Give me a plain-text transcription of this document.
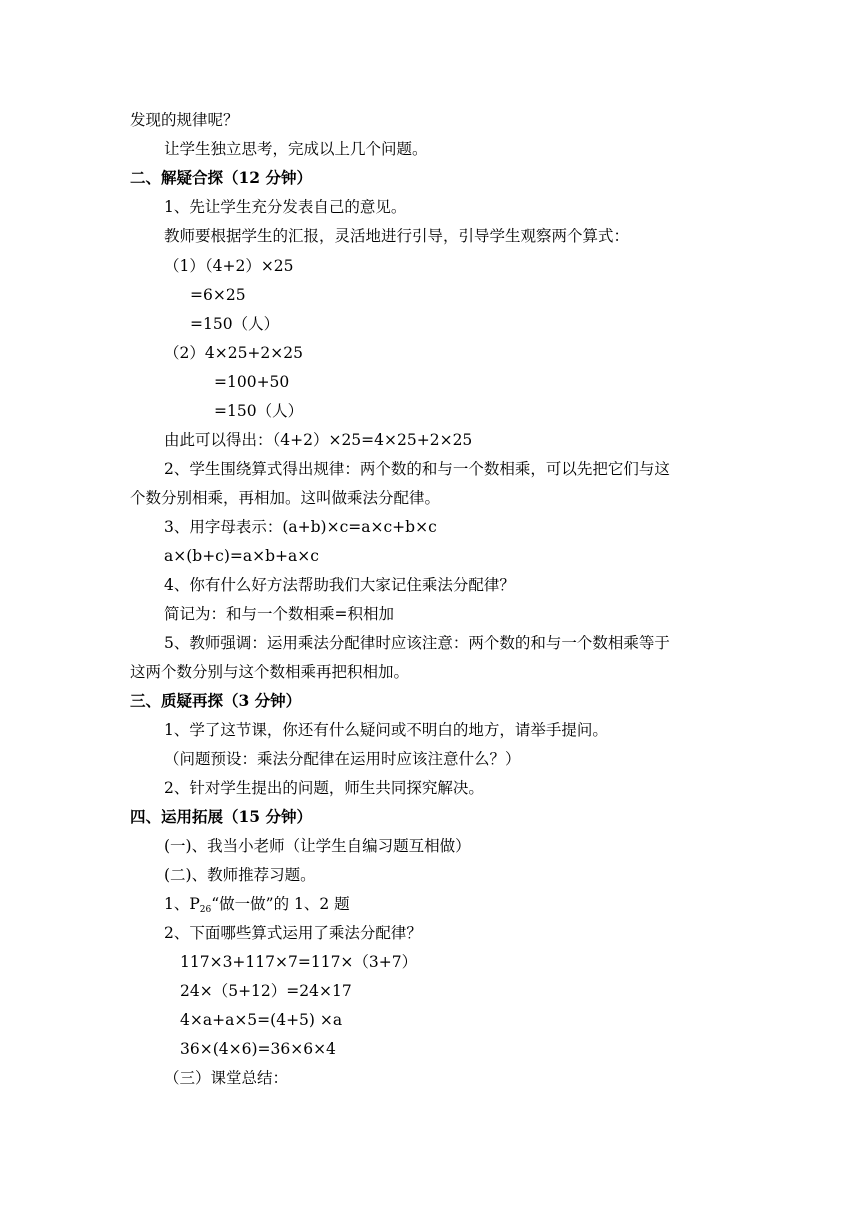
发现的规律呢？
让学生独立思考，完成以上几个问题。
二、解疑合探（12 分钟）
1、先让学生充分发表自己的意见。
教师要根据学生的汇报，灵活地进行引导，引导学生观察两个算式：
（1）（4+2）×25
=6×25
=150（人）
（2）4×25+2×25
=100+50
=150（人）
由此可以得出：（4+2）×25=4×25+2×25
2、学生围绕算式得出规律：两个数的和与一个数相乘，可以先把它们与这
个数分别相乘，再相加。这叫做乘法分配律。
3、用字母表示：(a+b)×c=a×c+b×c
a×(b+c)=a×b+a×c
4、你有什么好方法帮助我们大家记住乘法分配律？
简记为：和与一个数相乘=积相加
5、教师强调：运用乘法分配律时应该注意：两个数的和与一个数相乘等于
这两个数分别与这个数相乘再把积相加。
三、质疑再探（3 分钟）
1、学了这节课，你还有什么疑问或不明白的地方，请举手提问。
（问题预设：乘法分配律在运用时应该注意什么？）
2、针对学生提出的问题，师生共同探究解决。
四、运用拓展（15 分钟）
(一)、我当小老师（让学生自编习题互相做）
(二)、教师推荐习题。
1、$P_{26}“$做一做”的 1、2 题
2、下面哪些算式运用了乘法分配律？
117×3+117×7=117×（3+7）
24×（5+12）=24×17
4×a+a×5=(4+5) ×a
36×(4×6)=36×6×4
（三）课堂总结：
